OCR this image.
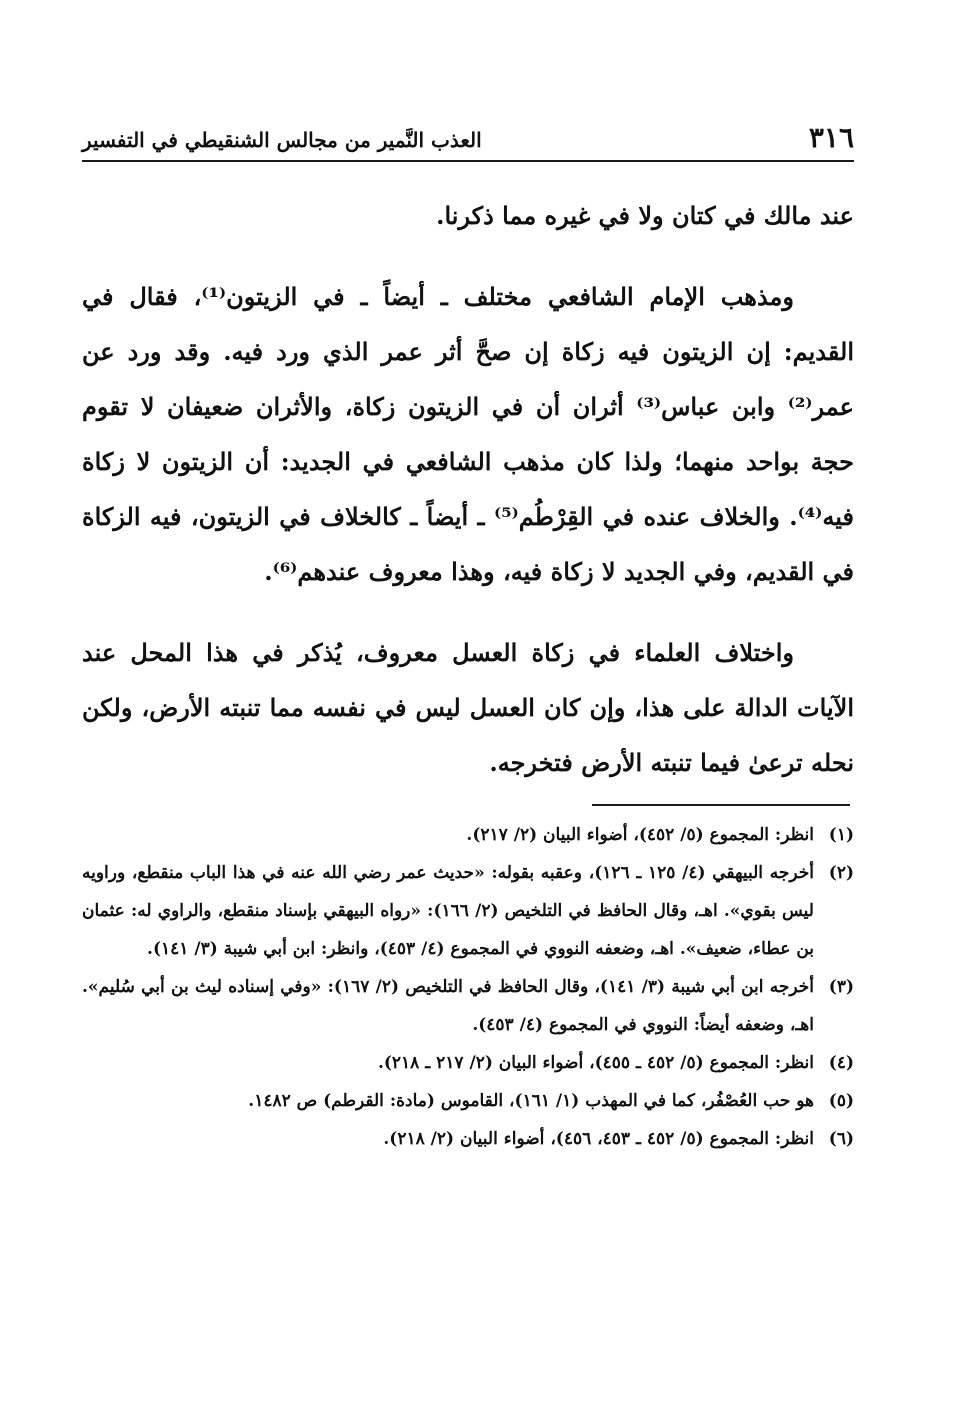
٣١٦
العذب النَّمير من مجالس الشنقيطي في التفسير

عند مالك في كتان ولا في غيره مما ذكرنا.

ومذهب الإمام الشافعي مختلف ـ أيضاً ـ في الزيتون⁽¹⁾، فقال في القديم: إن الزيتون فيه زكاة إن صحَّ أثر عمر الذي ورد فيه. وقد ورد عن عمر⁽²⁾ وابن عباس⁽³⁾ أثران أن في الزيتون زكاة، والأثران ضعيفان لا تقوم حجة بواحد منهما؛ ولذا كان مذهب الشافعي في الجديد: أن الزيتون لا زكاة فيه⁽⁴⁾. والخلاف عنده في القِرْطُم⁽⁵⁾ ـ أيضاً ـ كالخلاف في الزيتون، فيه الزكاة في القديم، وفي الجديد لا زكاة فيه، وهذا معروف عندهم⁽⁶⁾.

واختلاف العلماء في زكاة العسل معروف، يُذكر في هذا المحل عند الآيات الدالة على هذا، وإن كان العسل ليس في نفسه مما تنبته الأرض، ولكن نحله ترعىٰ فيما تنبته الأرض فتخرجه.

(١)
انظر: المجموع (٥/ ٤٥٢)، أضواء البيان (٢/ ٢١٧).
(٢)
أخرجه البيهقي (٤/ ١٢٥ ـ ١٢٦)، وعقبه بقوله: «حديث عمر رضي الله عنه في هذا الباب منقطع، وراويه ليس بقوي». اهـ، وقال الحافظ في التلخيص (٢/ ١٦٦): «رواه البيهقي بإسناد منقطع، والراوي له: عثمان بن عطاء، ضعيف». اهـ، وضعفه النووي في المجموع (٤/ ٤٥٣)، وانظر: ابن أبي شيبة (٣/ ١٤١).
(٣)
أخرجه ابن أبي شيبة (٣/ ١٤١)، وقال الحافظ في التلخيص (٢/ ١٦٧): «وفي إسناده ليث بن أبي سُليم». اهـ، وضعفه أيضاً: النووي في المجموع (٤/ ٤٥٣).
(٤)
انظر: المجموع (٥/ ٤٥٢ ـ ٤٥٥)، أضواء البيان (٢/ ٢١٧ ـ ٢١٨).
(٥)
هو حب العُصْفُر، كما في المهذب (١/ ١٦١)، القاموس (مادة: القرطم) ص ١٤٨٢.
(٦)
انظر: المجموع (٥/ ٤٥٢ ـ ٤٥٣، ٤٥٦)، أضواء البيان (٢/ ٢١٨).
